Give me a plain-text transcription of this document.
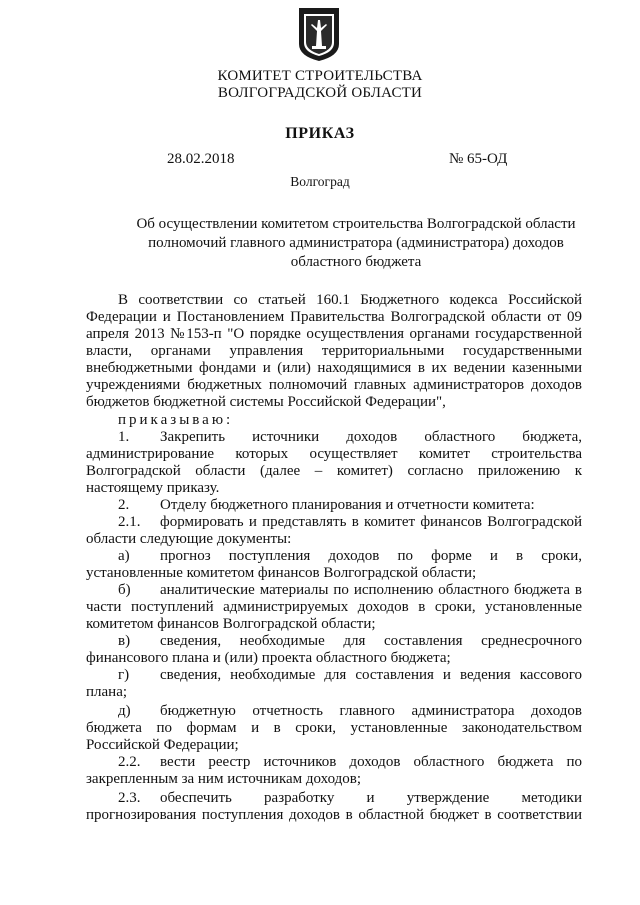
КОМИТЕТ СТРОИТЕЛЬСТВА
ВОЛГОГРАДСКОЙ ОБЛАСТИ
ПРИКАЗ
28.02.2018	№ 65-ОД
Волгоград
Об осуществлении комитетом строительства Волгоградской области
полномочий главного администратора (администратора) доходов
областного бюджета
В соответствии со статьей 160.1 Бюджетного кодекса Российской
Федерации и Постановлением Правительства Волгоградской области от 09
апреля 2013 №153-п "О порядке осуществления органами государственной
власти, органами управления территориальными государственными
внебюджетными фондами и (или) находящимися в их ведении казенными
учреждениями бюджетных полномочий главных администраторов доходов
бюджетов бюджетной системы Российской Федерации",
приказываю:
1. Закрепить источники доходов областного бюджета,
администрирование которых осуществляет комитет строительства
Волгоградской области (далее – комитет) согласно приложению к
настоящему приказу.
2. Отделу бюджетного планирования и отчетности комитета:
2.1. формировать и представлять в комитет финансов Волгоградской
области следующие документы:
а) прогноз поступления доходов по форме и в сроки,
установленные комитетом финансов Волгоградской области;
б) аналитические материалы по исполнению областного бюджета в
части поступлений администрируемых доходов в сроки, установленные
комитетом финансов Волгоградской области;
в) сведения, необходимые для составления среднесрочного
финансового плана и (или) проекта областного бюджета;
г) сведения, необходимые для составления и ведения кассового
плана;
д) бюджетную отчетность главного администратора доходов
бюджета по формам и в сроки, установленные законодательством
Российской Федерации;
2.2. вести реестр источников доходов областного бюджета по
закрепленным за ним источникам доходов;
2.3. обеспечить разработку и утверждение методики
прогнозирования поступления доходов в областной бюджет в соответствии
